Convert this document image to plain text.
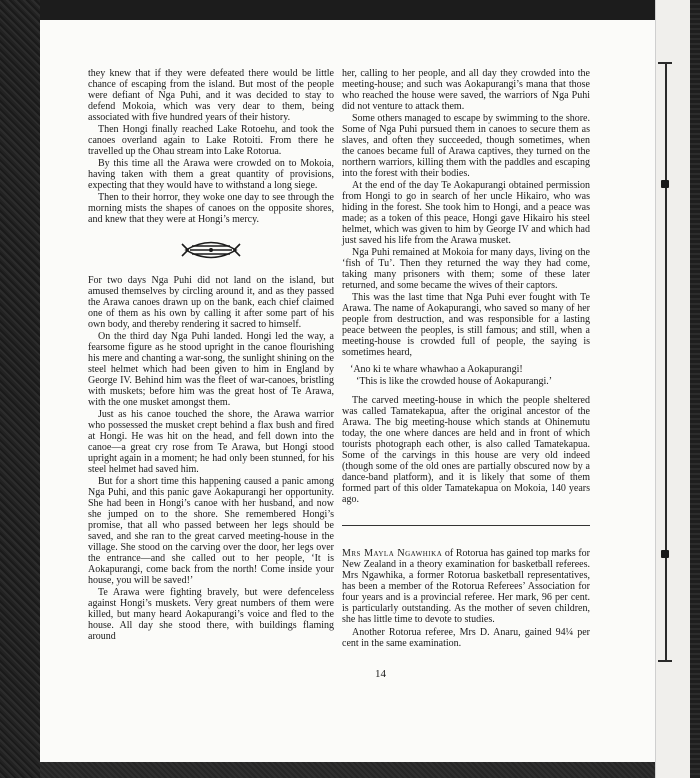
they knew that if they were defeated there would be little chance of escaping from the island. But most of the people were defiant of Nga Puhi, and it was decided to stay to defend Mokoia, which was very dear to them, being associated with five hundred years of their history.

Then Hongi finally reached Lake Rotoehu, and took the canoes overland again to Lake Rotoiti. From there he travelled up the Ohau stream into Lake Rotorua.

By this time all the Arawa were crowded on to Mokoia, having taken with them a great quantity of provisions, expecting that they would have to withstand a long siege.

Then to their horror, they woke one day to see through the morning mists the shapes of canoes on the opposite shores, and knew that they were at Hongi’s mercy.

For two days Nga Puhi did not land on the island, but amused themselves by circling around it, and as they passed the Arawa canoes drawn up on the bank, each chief claimed one of them as his own by calling it after some part of his own body, and thereby rendering it sacred to himself.

On the third day Nga Puhi landed. Hongi led the way, a fearsome figure as he stood upright in the canoe flourishing his mere and chanting a war-song, the sunlight shining on the steel helmet which had been given to him in England by George IV. Behind him was the fleet of war-canoes, bristling with muskets; before him was the great host of Te Arawa, with the one musket amongst them.

Just as his canoe touched the shore, the Arawa warrior who possessed the musket crept behind a flax bush and fired at Hongi. He was hit on the head, and fell down into the canoe—a great cry rose from Te Arawa, but Hongi stood upright again in a moment; he had only been stunned, for his steel helmet had saved him.

But for a short time this happening caused a panic among Nga Puhi, and this panic gave Aokapurangi her opportunity. She had been in Hongi’s canoe with her husband, and now she jumped on to the shore. She remembered Hongi’s promise, that all who passed between her legs should be saved, and she ran to the great carved meeting-house in the village. She stood on the carving over the door, her legs over the entrance—and she called out to her people, ‘It is Aokapurangi, come back from the north! Come inside your house, you will be saved!’

Te Arawa were fighting bravely, but were defenceless against Hongi’s muskets. Very great numbers of them were killed, but many heard Aokapurangi’s voice and fled to the house. All day she stood there, with buildings flaming around

her, calling to her people, and all day they crowded into the meeting-house; and such was Aokapurangi’s mana that those who reached the house were saved, the warriors of Nga Puhi did not venture to attack them.

Some others managed to escape by swimming to the shore. Some of Nga Puhi pursued them in canoes to secure them as slaves, and often they succeeded, though sometimes, when the canoes became full of Arawa captives, they turned on the northern warriors, killing them with the paddles and escaping into the forest with their bodies.

At the end of the day Te Aokapurangi obtained permission from Hongi to go in search of her uncle Hikairo, who was hiding in the forest. She took him to Hongi, and a peace was made; as a token of this peace, Hongi gave Hikairo his steel helmet, which was given to him by George IV and which had just saved his life from the Arawa musket.

Nga Puhi remained at Mokoia for many days, living on the ‘fish of Tu’. Then they returned the way they had come, taking many prisoners with them; some of these later returned, and some became the wives of their captors.

This was the last time that Nga Puhi ever fought with Te Arawa. The name of Aokapurangi, who saved so many of her people from destruction, and was responsible for a lasting peace between the peoples, is still famous; and still, when a meeting-house is crowded full of people, the saying is sometimes heard,

‘Ano ki te whare whawhao a Aokapurangi!

‘This is like the crowded house of Aokapurangi.’

The carved meeting-house in which the people sheltered was called Tamatekapua, after the original ancestor of the Arawa. The big meeting-house which stands at Ohinemutu today, the one where dances are held and in front of which tourists photograph each other, is also called Tamatekapua. Some of the carvings in this house are very old indeed (though some of the old ones are partially obscured now by a dance-band platform), and it is likely that some of them formed part of this older Tamatekapua on Mokoia, 140 years ago.

Mrs Mayla Ngawhika of Rotorua has gained top marks for New Zealand in a theory examination for basketball referees. Mrs Ngawhika, a former Rotorua basketball representatives, has been a member of the Rotorua Referees’ Association for four years and is a provincial referee. Her mark, 96 per cent. is particularly outstanding. As the mother of seven children, she has little time to devote to studies.

Another Rotorua referee, Mrs D. Anaru, gained 94¼ per cent in the same examination.

14
